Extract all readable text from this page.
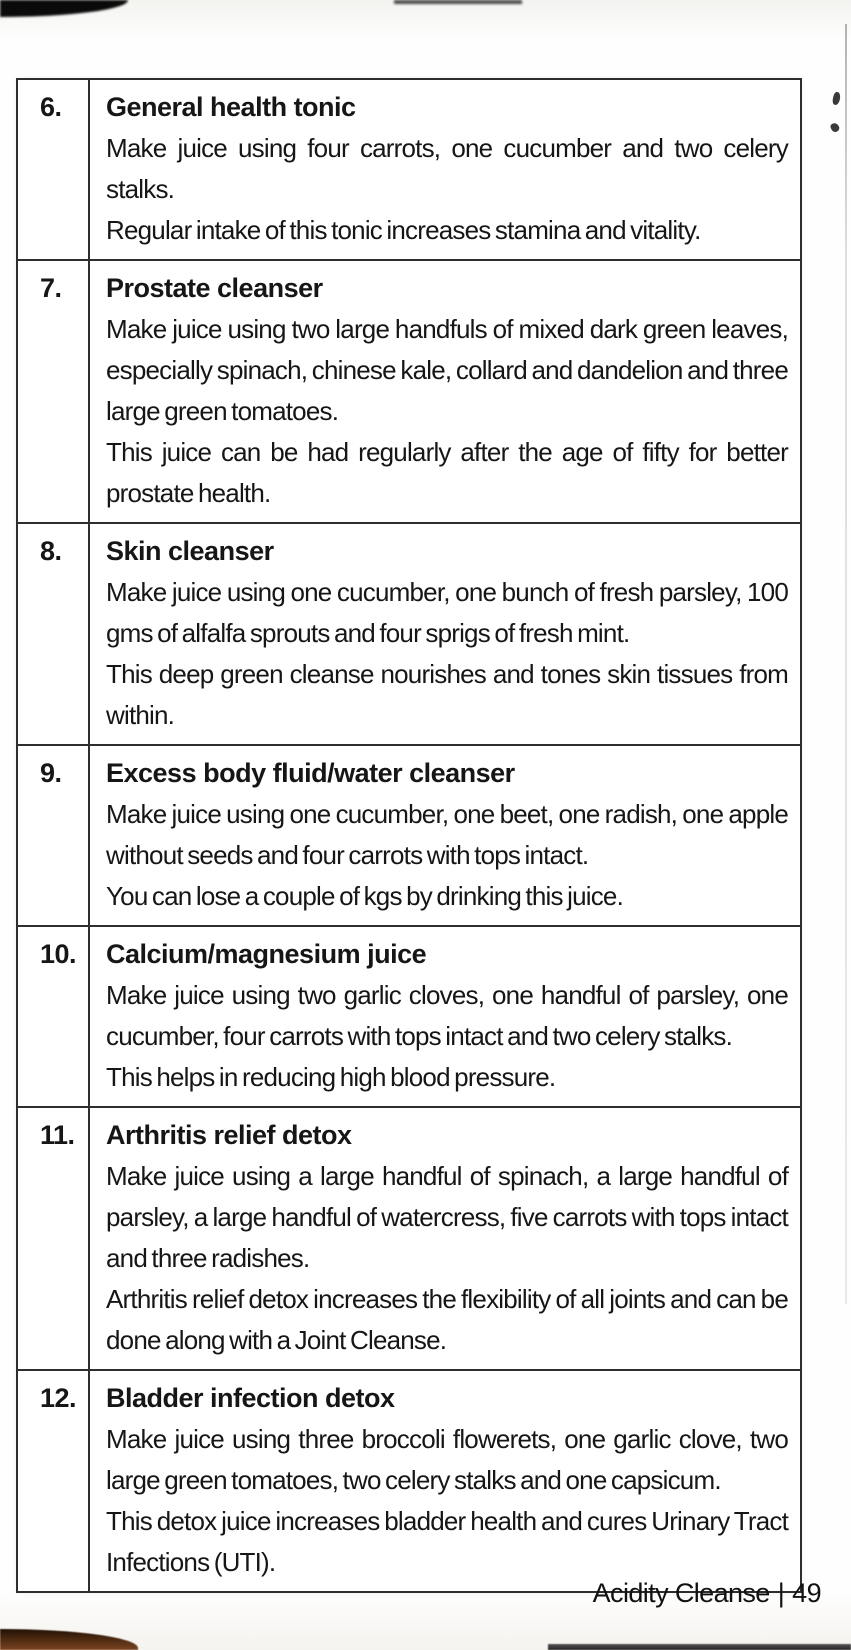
6.	General health tonic
Make juice using four carrots, one cucumber and two celery stalks.
Regular intake of this tonic increases stamina and vitality.
7.	Prostate cleanser
Make juice using two large handfuls of mixed dark green leaves, especially spinach, chinese kale, collard and dandelion and three large green tomatoes.
This juice can be had regularly after the age of fifty for better prostate health.
8.	Skin cleanser
Make juice using one cucumber, one bunch of fresh parsley, 100 gms of alfalfa sprouts and four sprigs of fresh mint.
This deep green cleanse nourishes and tones skin tissues from within.
9.	Excess body fluid/water cleanser
Make juice using one cucumber, one beet, one radish, one apple without seeds and four carrots with tops intact.
You can lose a couple of kgs by drinking this juice.
10.	Calcium/magnesium juice
Make juice using two garlic cloves, one handful of parsley, one cucumber, four carrots with tops intact and two celery stalks.
This helps in reducing high blood pressure.
11.	Arthritis relief detox
Make juice using a large handful of spinach, a large handful of parsley, a large handful of watercress, five carrots with tops intact and three radishes.
Arthritis relief detox increases the flexibility of all joints and can be done along with a Joint Cleanse.
12.	Bladder infection detox
Make juice using three broccoli flowerets, one garlic clove, two large green tomatoes, two celery stalks and one capsicum.
This detox juice increases bladder health and cures Urinary Tract Infections (UTI).
Acidity Cleanse | 49
